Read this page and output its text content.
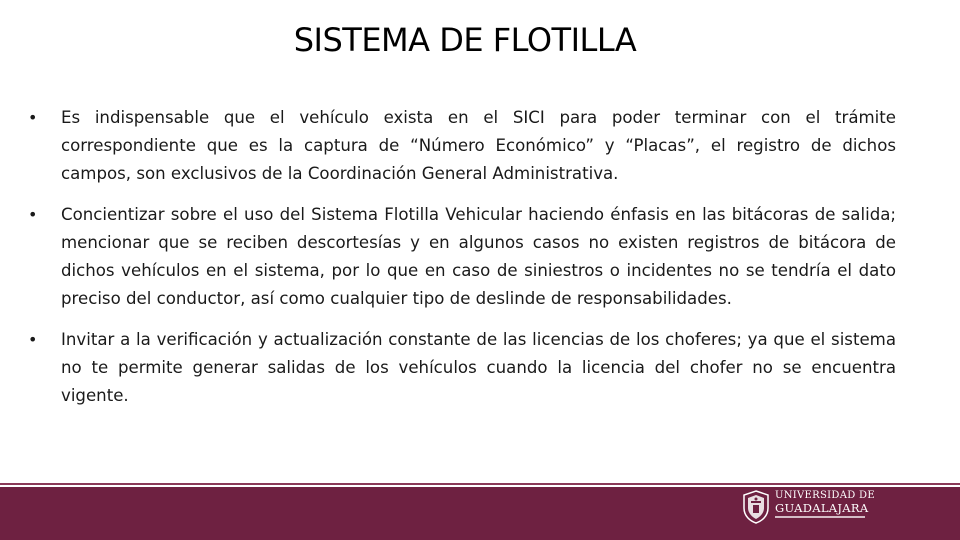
SISTEMA DE FLOTILLA
• Es indispensable que el vehículo exista en el SICI para poder terminar con el trámite correspondiente que es la captura de “Número Económico” y “Placas”, el registro de dichos campos, son exclusivos de la Coordinación General Administrativa.
• Concientizar sobre el uso del Sistema Flotilla Vehicular haciendo énfasis en las bitácoras de salida; mencionar que se reciben descortesías y en algunos casos no existen registros de bitácora de dichos vehículos en el sistema, por lo que en caso de siniestros o incidentes no se tendría el dato preciso del conductor, así como cualquier tipo de deslinde de responsabilidades.
• Invitar a la verificación y actualización constante de las licencias de los choferes; ya que el sistema no te permite generar salidas de los vehículos cuando la licencia del chofer no se encuentra vigente.
UNIVERSIDAD DE
GUADALAJARA
